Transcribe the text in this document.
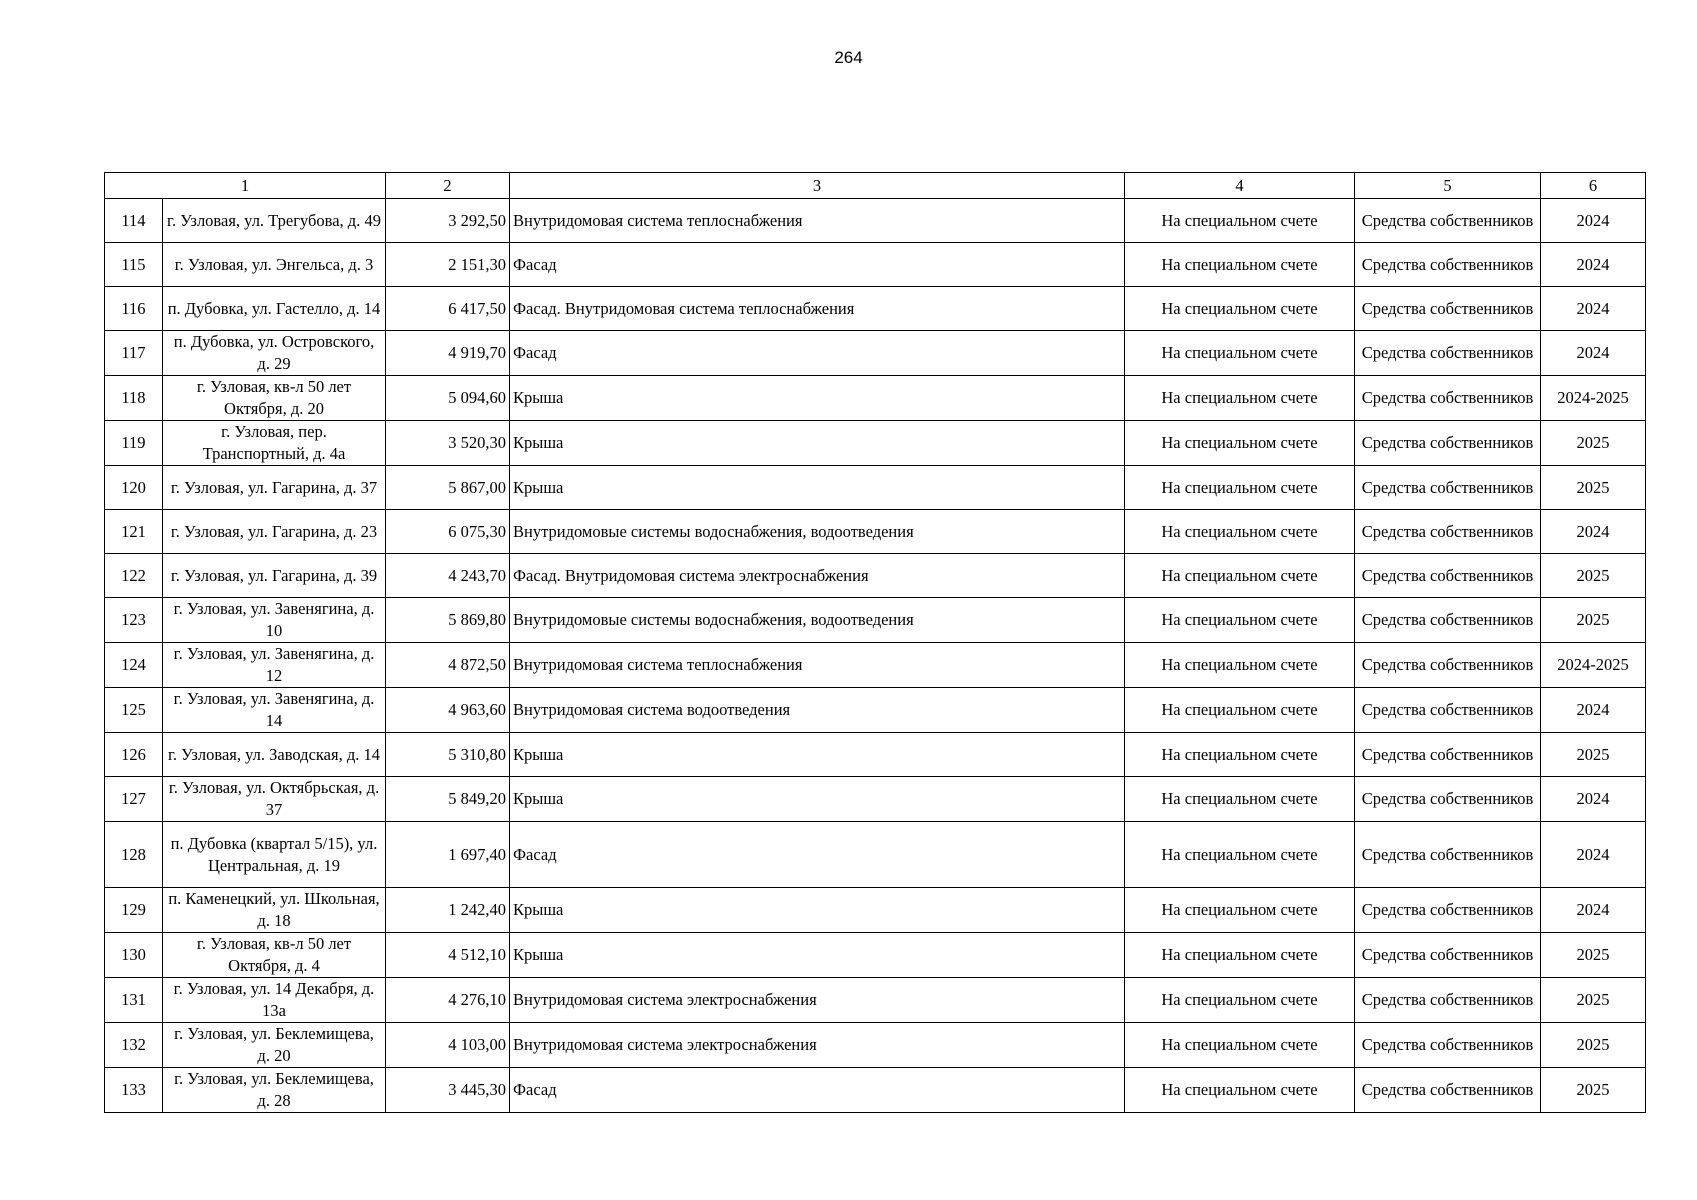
264
1		2	3	4	5	6
114	г. Узловая, ул. Трегубова, д. 49	3 292,50	Внутридомовая система теплоснабжения	На специальном счете	Средства собственников	2024
115	г. Узловая, ул. Энгельса, д. 3	2 151,30	Фасад	На специальном счете	Средства собственников	2024
116	п. Дубовка, ул. Гастелло, д. 14	6 417,50	Фасад. Внутридомовая система теплоснабжения	На специальном счете	Средства собственников	2024
117	п. Дубовка, ул. Островского, д. 29	4 919,70	Фасад	На специальном счете	Средства собственников	2024
118	г. Узловая, кв-л 50 лет Октября, д. 20	5 094,60	Крыша	На специальном счете	Средства собственников	2024-2025
119	г. Узловая, пер. Транспортный, д. 4а	3 520,30	Крыша	На специальном счете	Средства собственников	2025
120	г. Узловая, ул. Гагарина, д. 37	5 867,00	Крыша	На специальном счете	Средства собственников	2025
121	г. Узловая, ул. Гагарина, д. 23	6 075,30	Внутридомовые системы водоснабжения, водоотведения	На специальном счете	Средства собственников	2024
122	г. Узловая, ул. Гагарина, д. 39	4 243,70	Фасад. Внутридомовая система электроснабжения	На специальном счете	Средства собственников	2025
123	г. Узловая, ул. Завенягина, д. 10	5 869,80	Внутридомовые системы водоснабжения, водоотведения	На специальном счете	Средства собственников	2025
124	г. Узловая, ул. Завенягина, д. 12	4 872,50	Внутридомовая система теплоснабжения	На специальном счете	Средства собственников	2024-2025
125	г. Узловая, ул. Завенягина, д. 14	4 963,60	Внутридомовая система водоотведения	На специальном счете	Средства собственников	2024
126	г. Узловая, ул. Заводская, д. 14	5 310,80	Крыша	На специальном счете	Средства собственников	2025
127	г. Узловая, ул. Октябрьская, д. 37	5 849,20	Крыша	На специальном счете	Средства собственников	2024
128	п. Дубовка (квартал 5/15), ул. Центральная, д. 19	1 697,40	Фасад	На специальном счете	Средства собственников	2024
129	п. Каменецкий, ул. Школьная, д. 18	1 242,40	Крыша	На специальном счете	Средства собственников	2024
130	г. Узловая, кв-л 50 лет Октября, д. 4	4 512,10	Крыша	На специальном счете	Средства собственников	2025
131	г. Узловая, ул. 14 Декабря, д. 13а	4 276,10	Внутридомовая система электроснабжения	На специальном счете	Средства собственников	2025
132	г. Узловая, ул. Беклемищева, д. 20	4 103,00	Внутридомовая система электроснабжения	На специальном счете	Средства собственников	2025
133	г. Узловая, ул. Беклемищева, д. 28	3 445,30	Фасад	На специальном счете	Средства собственников	2025
